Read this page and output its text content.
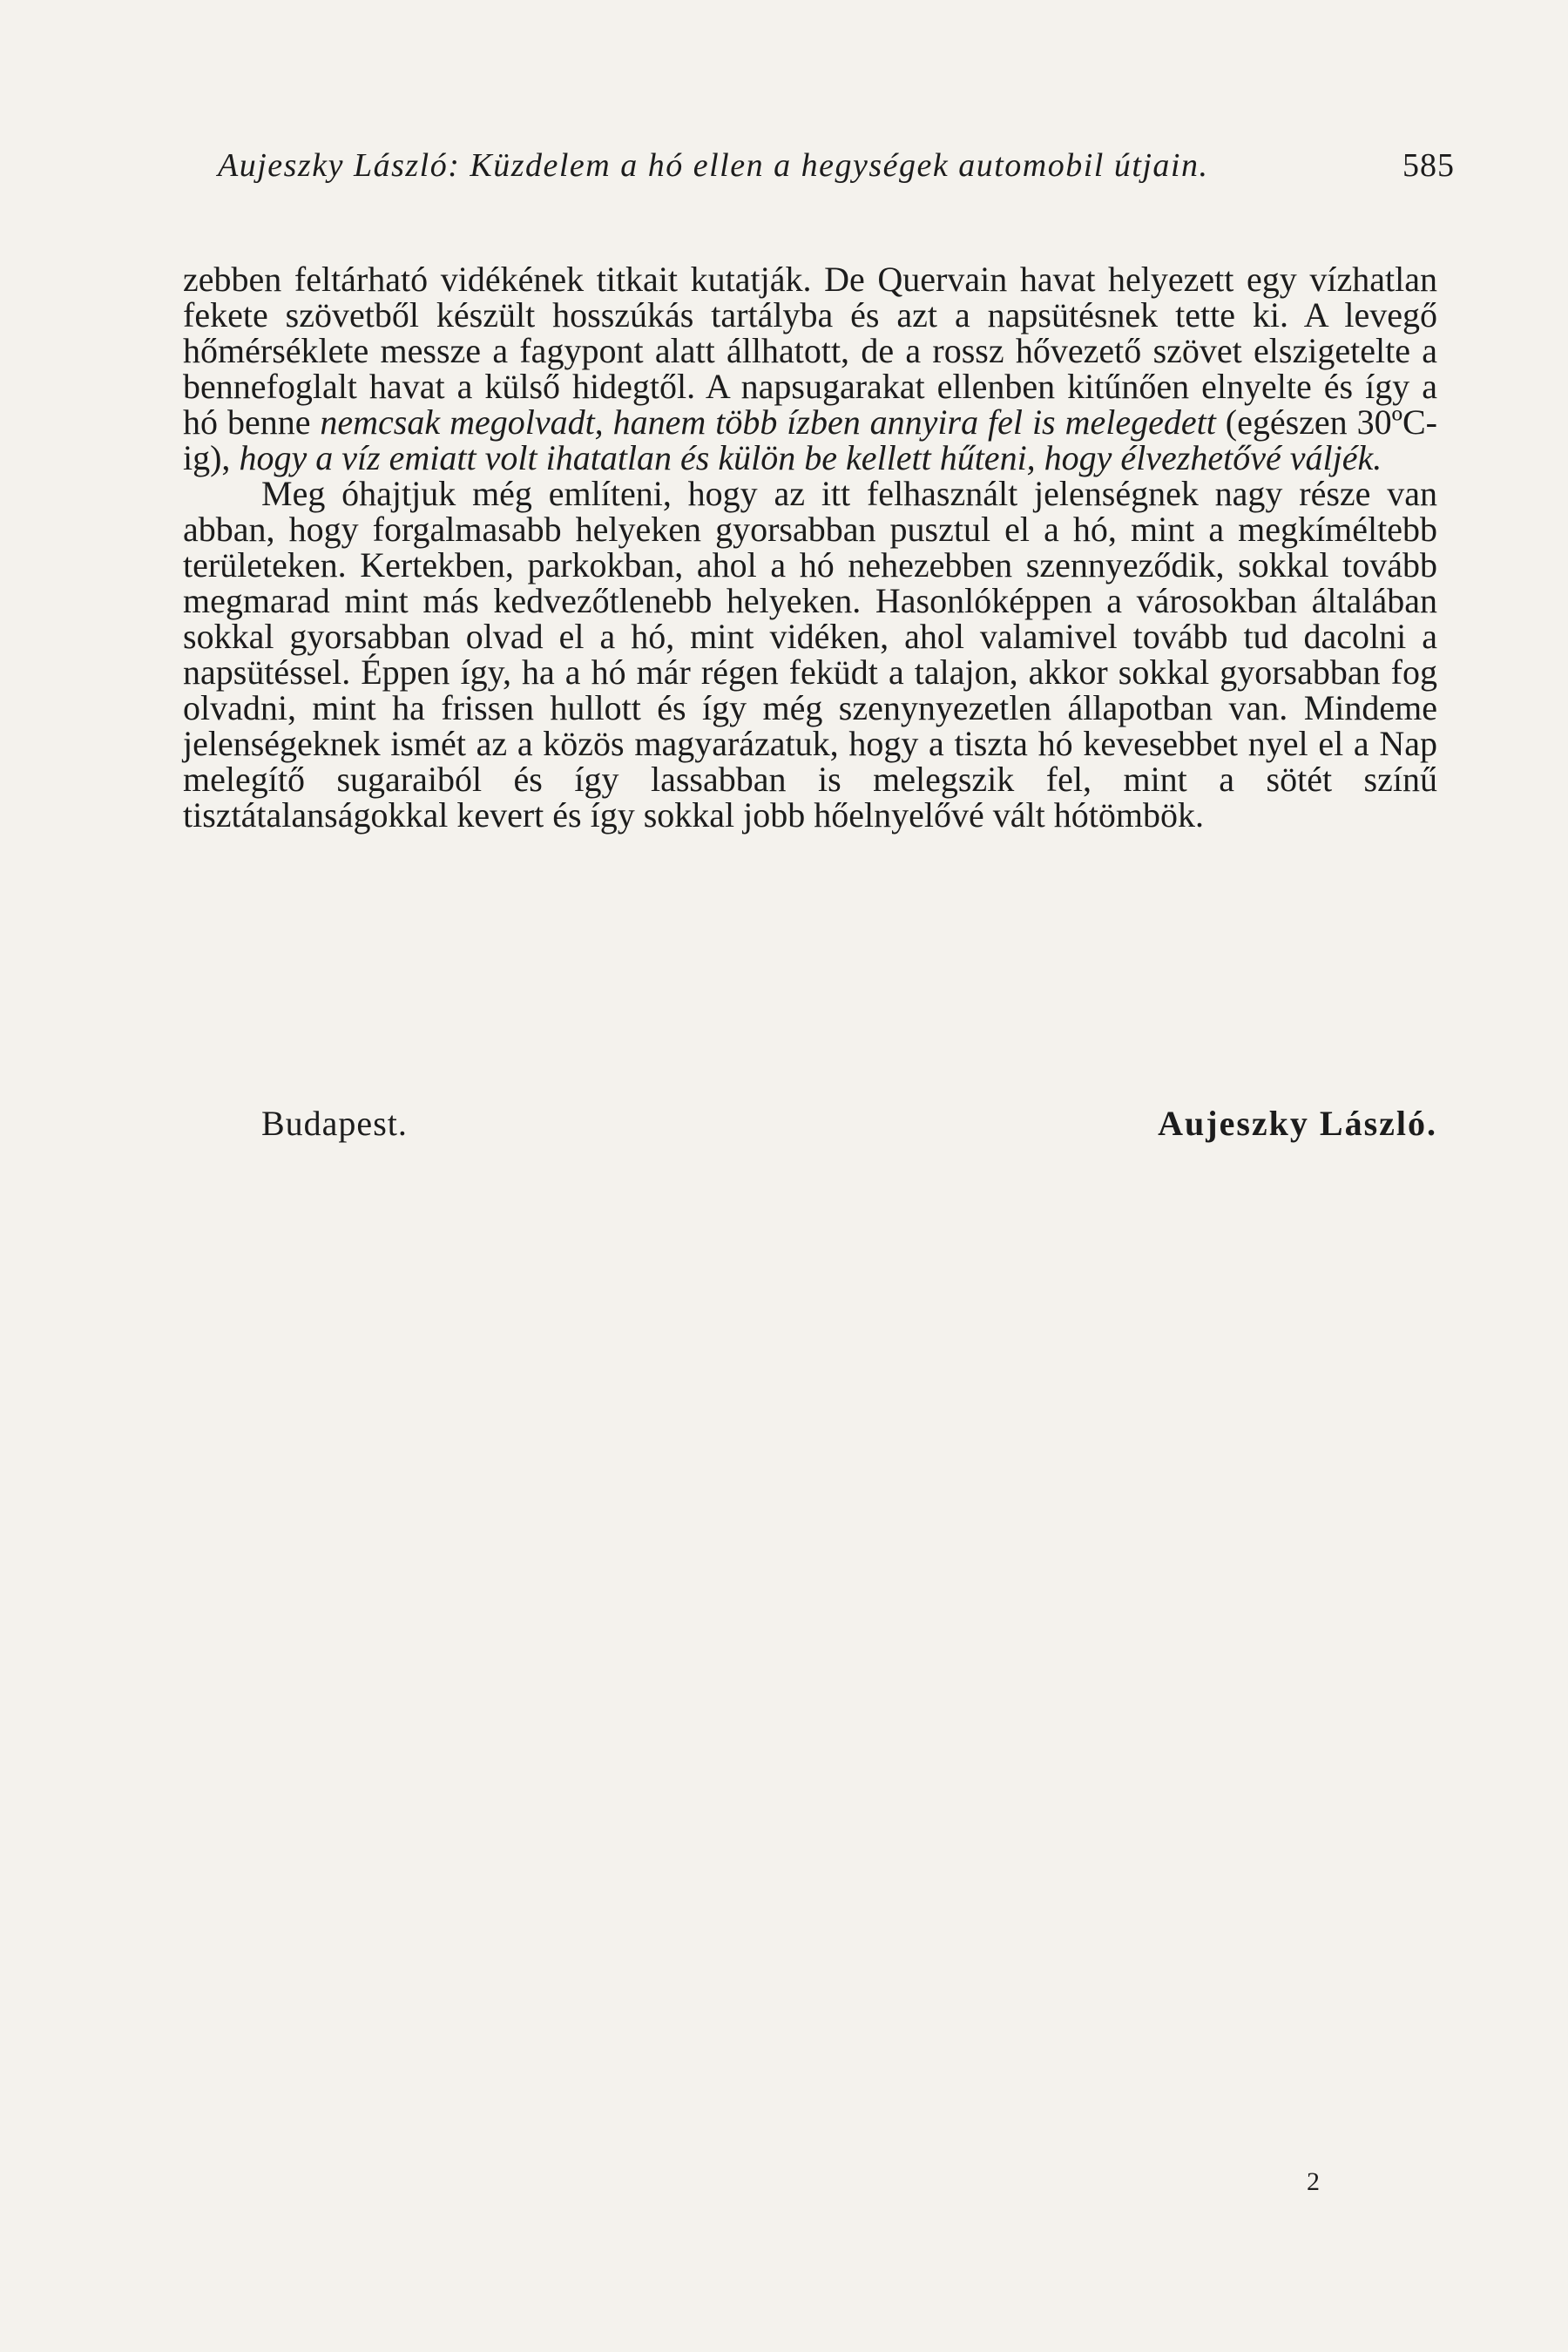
Aujeszky László: Küzdelem a hó ellen a hegységek automobil útjain.	585

zebben feltárható vidékének titkait kutatják. De Quervain havat helyezett egy vízhatlan fekete szövetből készült hosszúkás tartályba és azt a napsütésnek tette ki. A levegő hőmérséklete messze a fagypont alatt állhatott, de a rossz hővezető szövet elszigetelte a bennefoglalt havat a külső hidegtől. A napsugarakat ellenben kitűnően elnyelte és így a hó benne nemcsak megolvadt, hanem több ízben annyira fel is melegedett (egészen 30ºC-ig), hogy a víz emiatt volt ihatatlan és külön be kellett hűteni, hogy élvezhetővé váljék.

Meg óhajtjuk még említeni, hogy az itt felhasznált jelenségnek nagy része van abban, hogy forgalmasabb helyeken gyorsabban pusztul el a hó, mint a megkíméltebb területeken. Kertekben, parkokban, ahol a hó nehezebben szennyeződik, sokkal tovább megmarad mint más kedvezőtlenebb helyeken. Hasonlóképpen a városokban általában sokkal gyorsabban olvad el a hó, mint vidéken, ahol valamivel tovább tud dacolni a napsütéssel. Éppen így, ha a hó már régen feküdt a talajon, akkor sokkal gyorsabban fog olvadni, mint ha frissen hullott és így még szenynyezetlen állapotban van. Mindeme jelenségeknek ismét az a közös magyarázatuk, hogy a tiszta hó kevesebbet nyel el a Nap melegítő sugaraiból és így lassabban is melegszik fel, mint a sötét színű tisztátalanságokkal kevert és így sokkal jobb hőelnyelővé vált hótömbök.

Budapest.	Aujeszky László.
2
